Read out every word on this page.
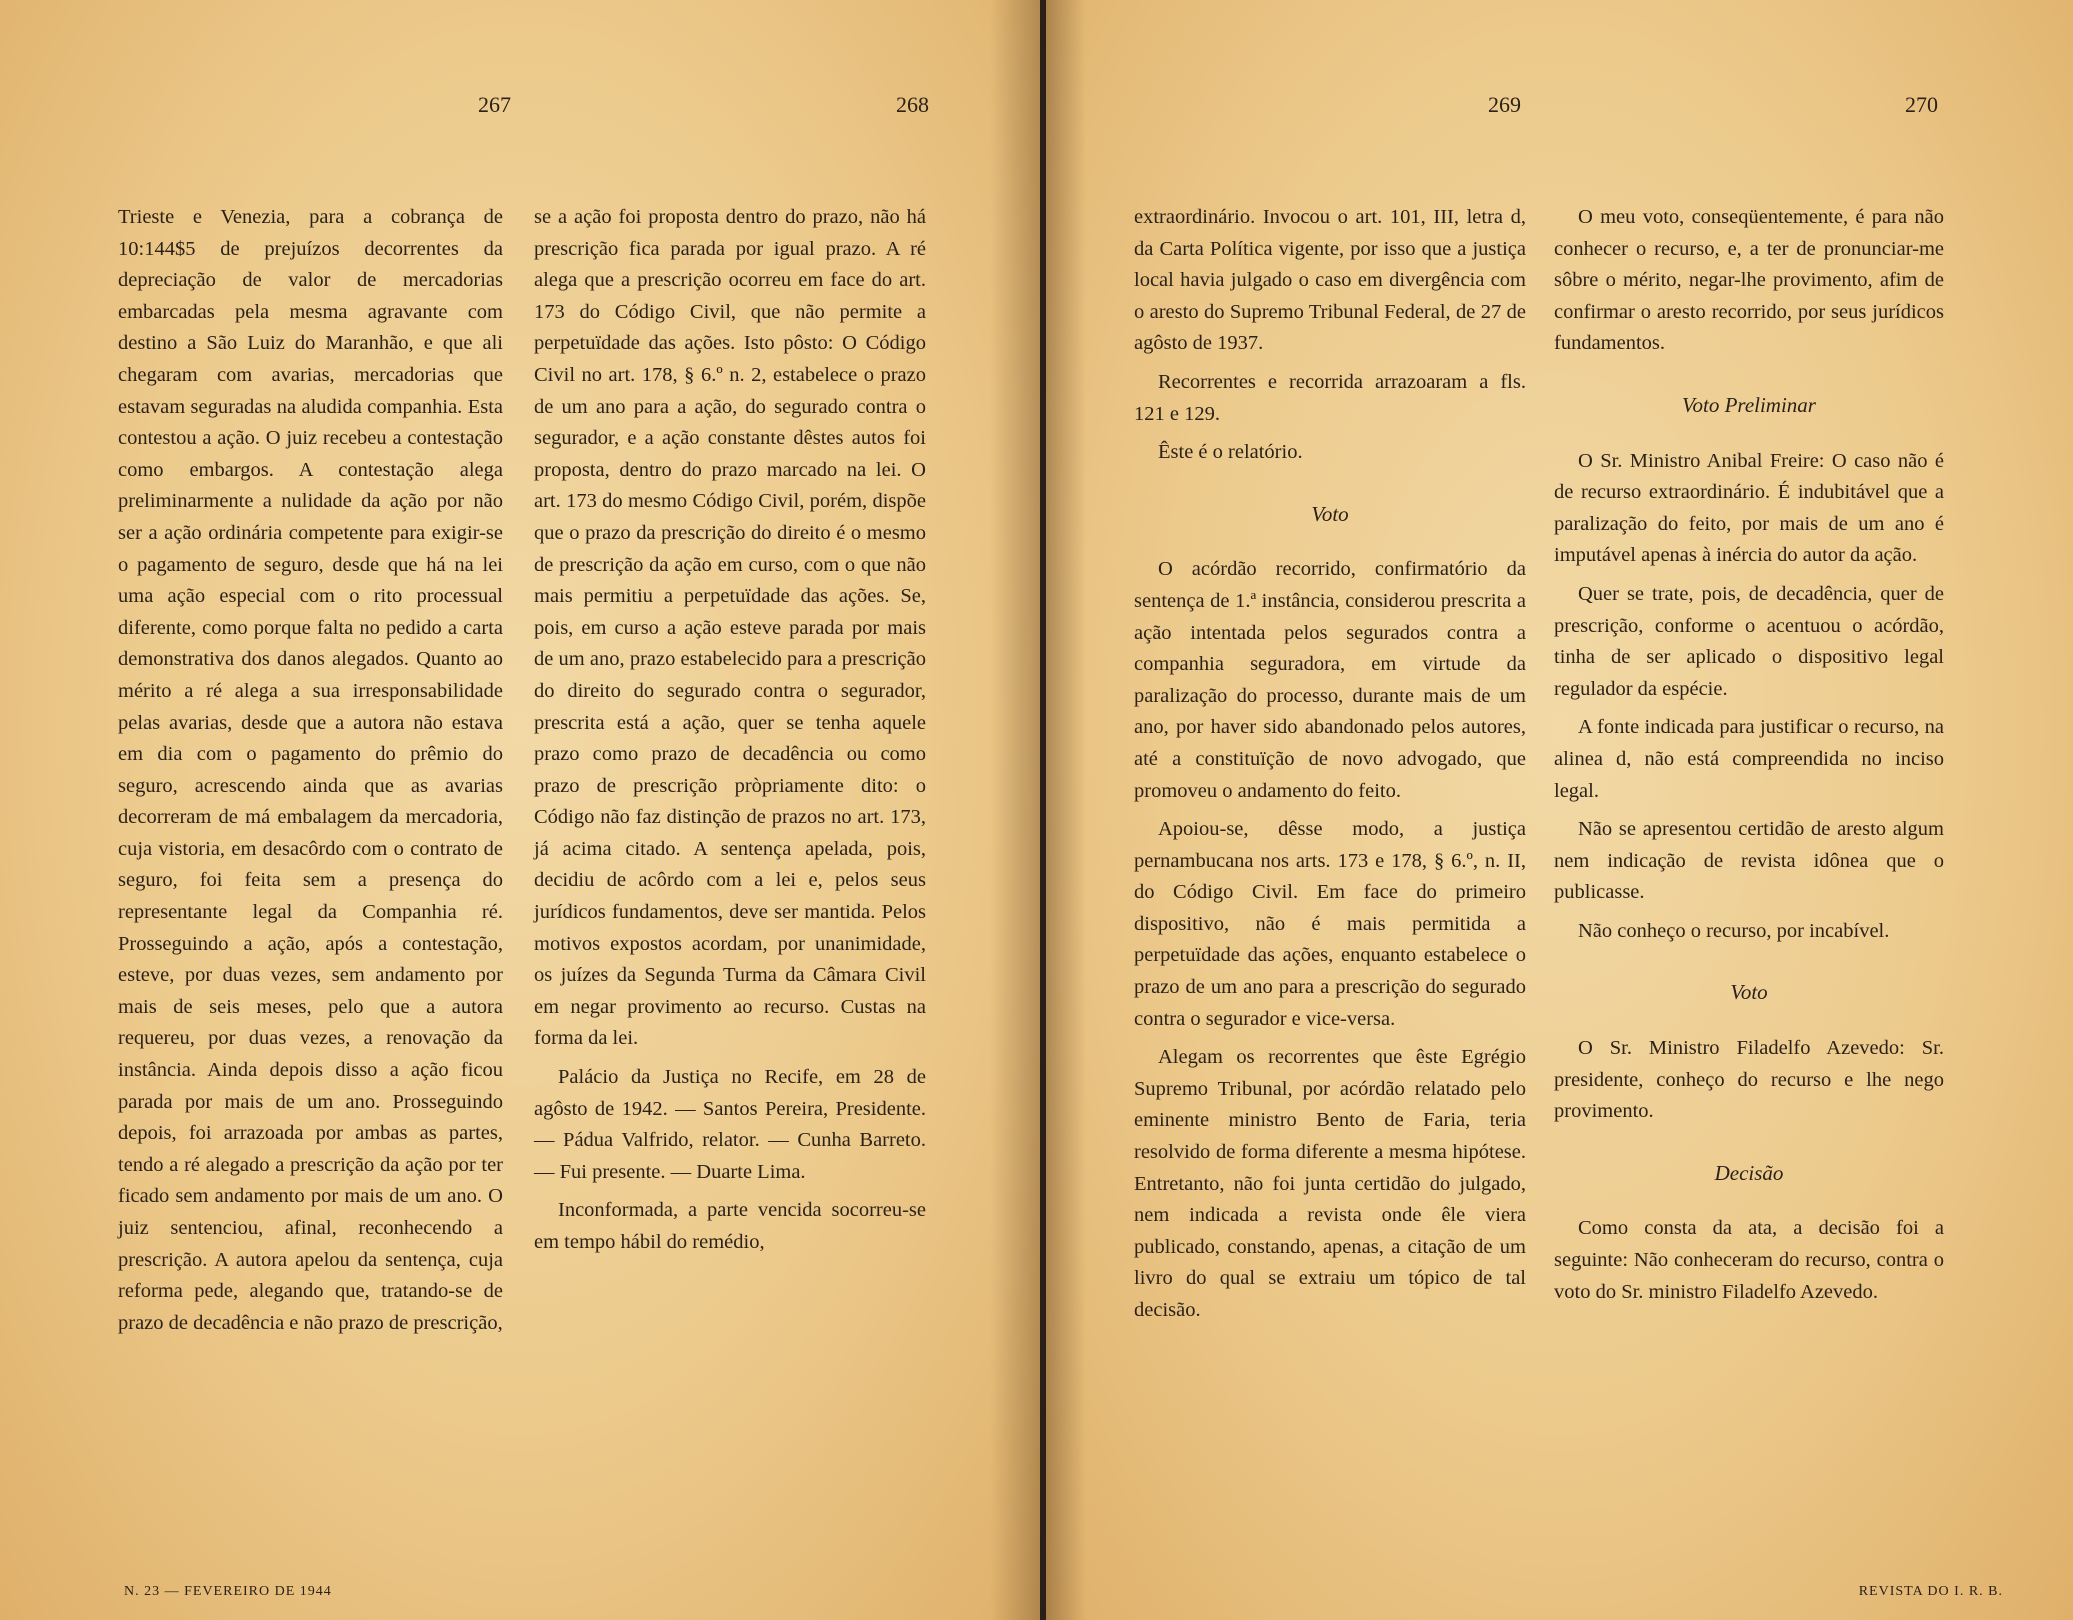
267	268

Trieste e Venezia, para a cobrança de 10:144$5 de prejuízos decorrentes da depreciação de valor de mercadorias embarcadas pela mesma agravante com destino a São Luiz do Maranhão, e que ali chegaram com avarias, mercadorias que estavam seguradas na aludida companhia. Esta contestou a ação. O juiz recebeu a contestação como embargos. A contestação alega preliminarmente a nulidade da ação por não ser a ação ordinária competente para exigir-se o pagamento de seguro, desde que há na lei uma ação especial com o rito processual diferente, como porque falta no pedido a carta demonstrativa dos danos alegados. Quanto ao mérito a ré alega a sua irresponsabilidade pelas avarias, desde que a autora não estava em dia com o pagamento do prêmio do seguro, acrescendo ainda que as avarias decorreram de má embalagem da mercadoria, cuja vistoria, em desacôrdo com o contrato de seguro, foi feita sem a presença do representante legal da Companhia ré. Prosseguindo a ação, após a contestação, esteve, por duas vezes, sem andamento por mais de seis meses, pelo que a autora requereu, por duas vezes, a renovação da instância. Ainda depois disso a ação ficou parada por mais de um ano. Prosseguindo depois, foi arrazoada por ambas as partes, tendo a ré alegado a prescrição da ação por ter ficado sem andamento por mais de um ano. O juiz sentenciou, afinal, reconhecendo a prescrição. A autora apelou da sentença, cuja reforma pede, alegando que, tratando-se de prazo de decadência e não prazo de prescrição,

se a ação foi proposta dentro do prazo, não há prescrição fica parada por igual prazo. A ré alega que a prescrição ocorreu em face do art. 173 do Código Civil, que não permite a perpetuïdade das ações. Isto pôsto: O Código Civil no art. 178, § 6.º n. 2, estabelece o prazo de um ano para a ação, do segurado contra o segurador, e a ação constante dêstes autos foi proposta, dentro do prazo marcado na lei. O art. 173 do mesmo Código Civil, porém, dispõe que o prazo da prescrição do direito é o mesmo de prescrição da ação em curso, com o que não mais permitiu a perpetuïdade das ações. Se, pois, em curso a ação esteve parada por mais de um ano, prazo estabelecido para a prescrição do direito do segurado contra o segurador, prescrita está a ação, quer se tenha aquele prazo como prazo de decadência ou como prazo de prescrição pròpriamente dito: o Código não faz distinção de prazos no art. 173, já acima citado. A sentença apelada, pois, decidiu de acôrdo com a lei e, pelos seus jurídicos fundamentos, deve ser mantida. Pelos motivos expostos acordam, por unanimidade, os juízes da Segunda Turma da Câmara Civil em negar provimento ao recurso. Custas na forma da lei.

Palácio da Justiça no Recife, em 28 de agôsto de 1942. — Santos Pereira, Presidente. — Pádua Valfrido, relator. — Cunha Barreto. — Fui presente. — Duarte Lima.

Inconformada, a parte vencida socorreu-se em tempo hábil do remédio,

N. 23 — FEVEREIRO DE 1944
269	270

extraordinário. Invocou o art. 101, III, letra d, da Carta Política vigente, por isso que a justiça local havia julgado o caso em divergência com o aresto do Supremo Tribunal Federal, de 27 de agôsto de 1937.

Recorrentes e recorrida arrazoaram a fls. 121 e 129.

Êste é o relatório.

Voto

O acórdão recorrido, confirmatório da sentença de 1.ª instância, considerou prescrita a ação intentada pelos segurados contra a companhia seguradora, em virtude da paralização do processo, durante mais de um ano, por haver sido abandonado pelos autores, até a constituïção de novo advogado, que promoveu o andamento do feito.

Apoiou-se, dêsse modo, a justiça pernambucana nos arts. 173 e 178, § 6.º, n. II, do Código Civil. Em face do primeiro dispositivo, não é mais permitida a perpetuïdade das ações, enquanto estabelece o prazo de um ano para a prescrição do segurado contra o segurador e vice-versa.

Alegam os recorrentes que êste Egrégio Supremo Tribunal, por acórdão relatado pelo eminente ministro Bento de Faria, teria resolvido de forma diferente a mesma hipótese. Entretanto, não foi junta certidão do julgado, nem indicada a revista onde êle viera publicado, constando, apenas, a citação de um livro do qual se extraiu um tópico de tal decisão.

O meu voto, conseqüentemente, é para não conhecer o recurso, e, a ter de pronunciar-me sôbre o mérito, negar-lhe provimento, afim de confirmar o aresto recorrido, por seus jurídicos fundamentos.

Voto Preliminar

O Sr. Ministro Anibal Freire: O caso não é de recurso extraordinário. É indubitável que a paralização do feito, por mais de um ano é imputável apenas à inércia do autor da ação.

Quer se trate, pois, de decadência, quer de prescrição, conforme o acentuou o acórdão, tinha de ser aplicado o dispositivo legal regulador da espécie.

A fonte indicada para justificar o recurso, na alinea d, não está compreendida no inciso legal.

Não se apresentou certidão de aresto algum nem indicação de revista idônea que o publicasse.

Não conheço o recurso, por incabível.

Voto

O Sr. Ministro Filadelfo Azevedo: Sr. presidente, conheço do recurso e lhe nego provimento.

Decisão

Como consta da ata, a decisão foi a seguinte: Não conheceram do recurso, contra o voto do Sr. ministro Filadelfo Azevedo.

REVISTA DO I. R. B.
